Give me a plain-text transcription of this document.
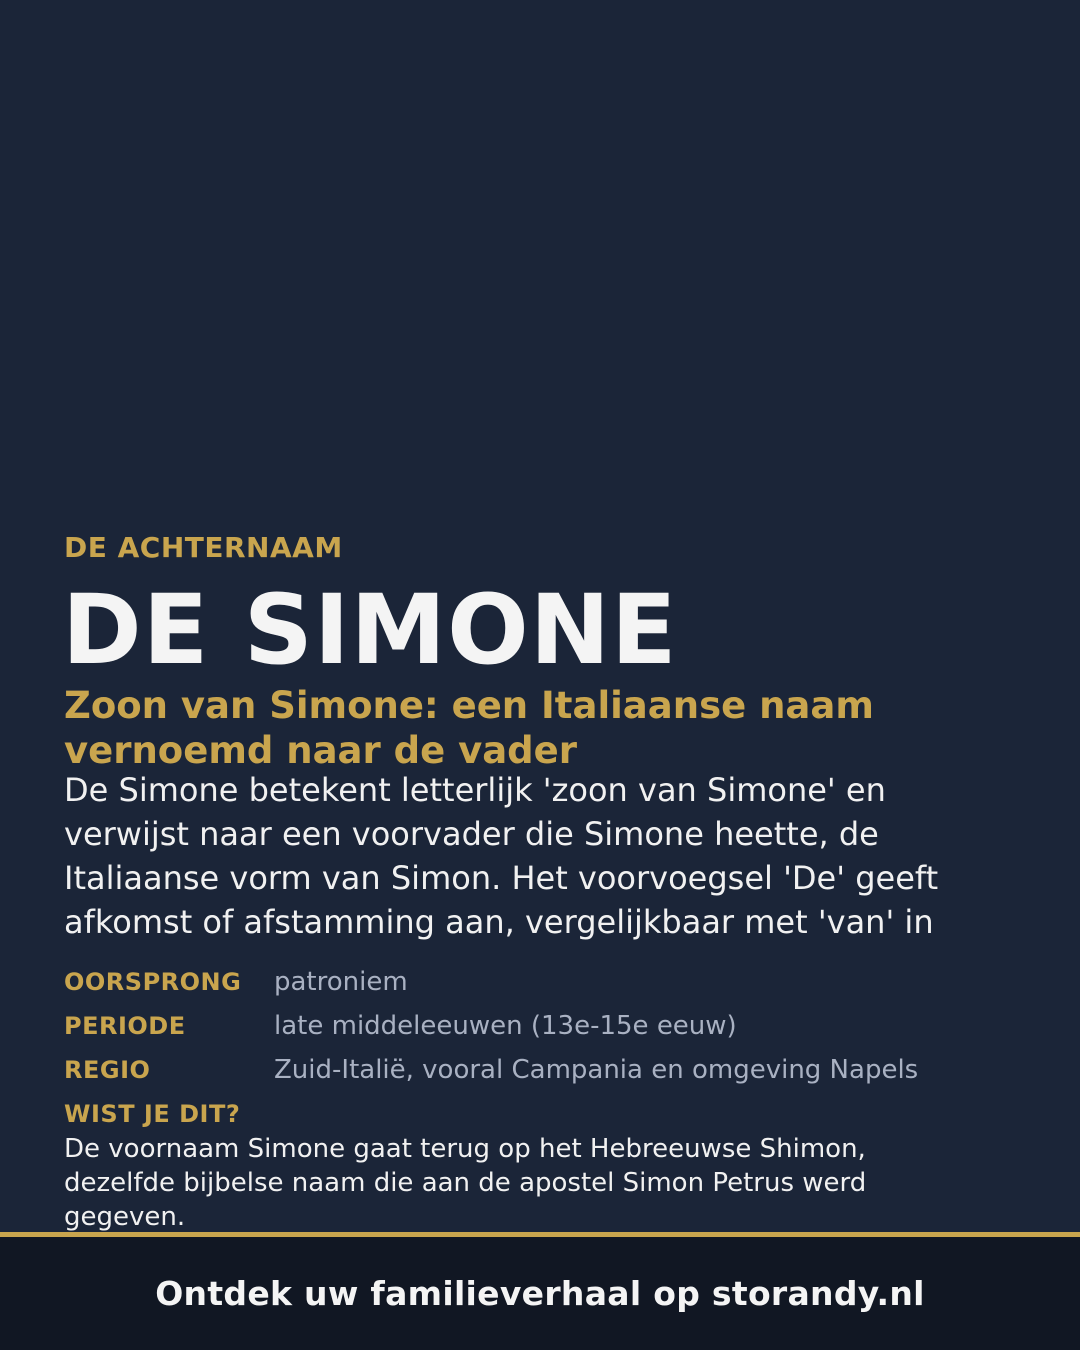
DE ACHTERNAAM
DE SIMONE
Zoon van Simone: een Italiaanse naam vernoemd naar de vader
De Simone betekent letterlijk 'zoon van Simone' en verwijst naar een voorvader die Simone heette, de Italiaanse vorm van Simon. Het voorvoegsel 'De' geeft afkomst of afstamming aan, vergelijkbaar met 'van' in
OORSPRONG	patroniem
PERIODE	late middeleeuwen (13e-15e eeuw)
REGIO	Zuid-Italië, vooral Campania en omgeving Napels
WIST JE DIT?
De voornaam Simone gaat terug op het Hebreeuwse Shimon, dezelfde bijbelse naam die aan de apostel Simon Petrus werd gegeven.
Ontdek uw familieverhaal op storandy.nl
